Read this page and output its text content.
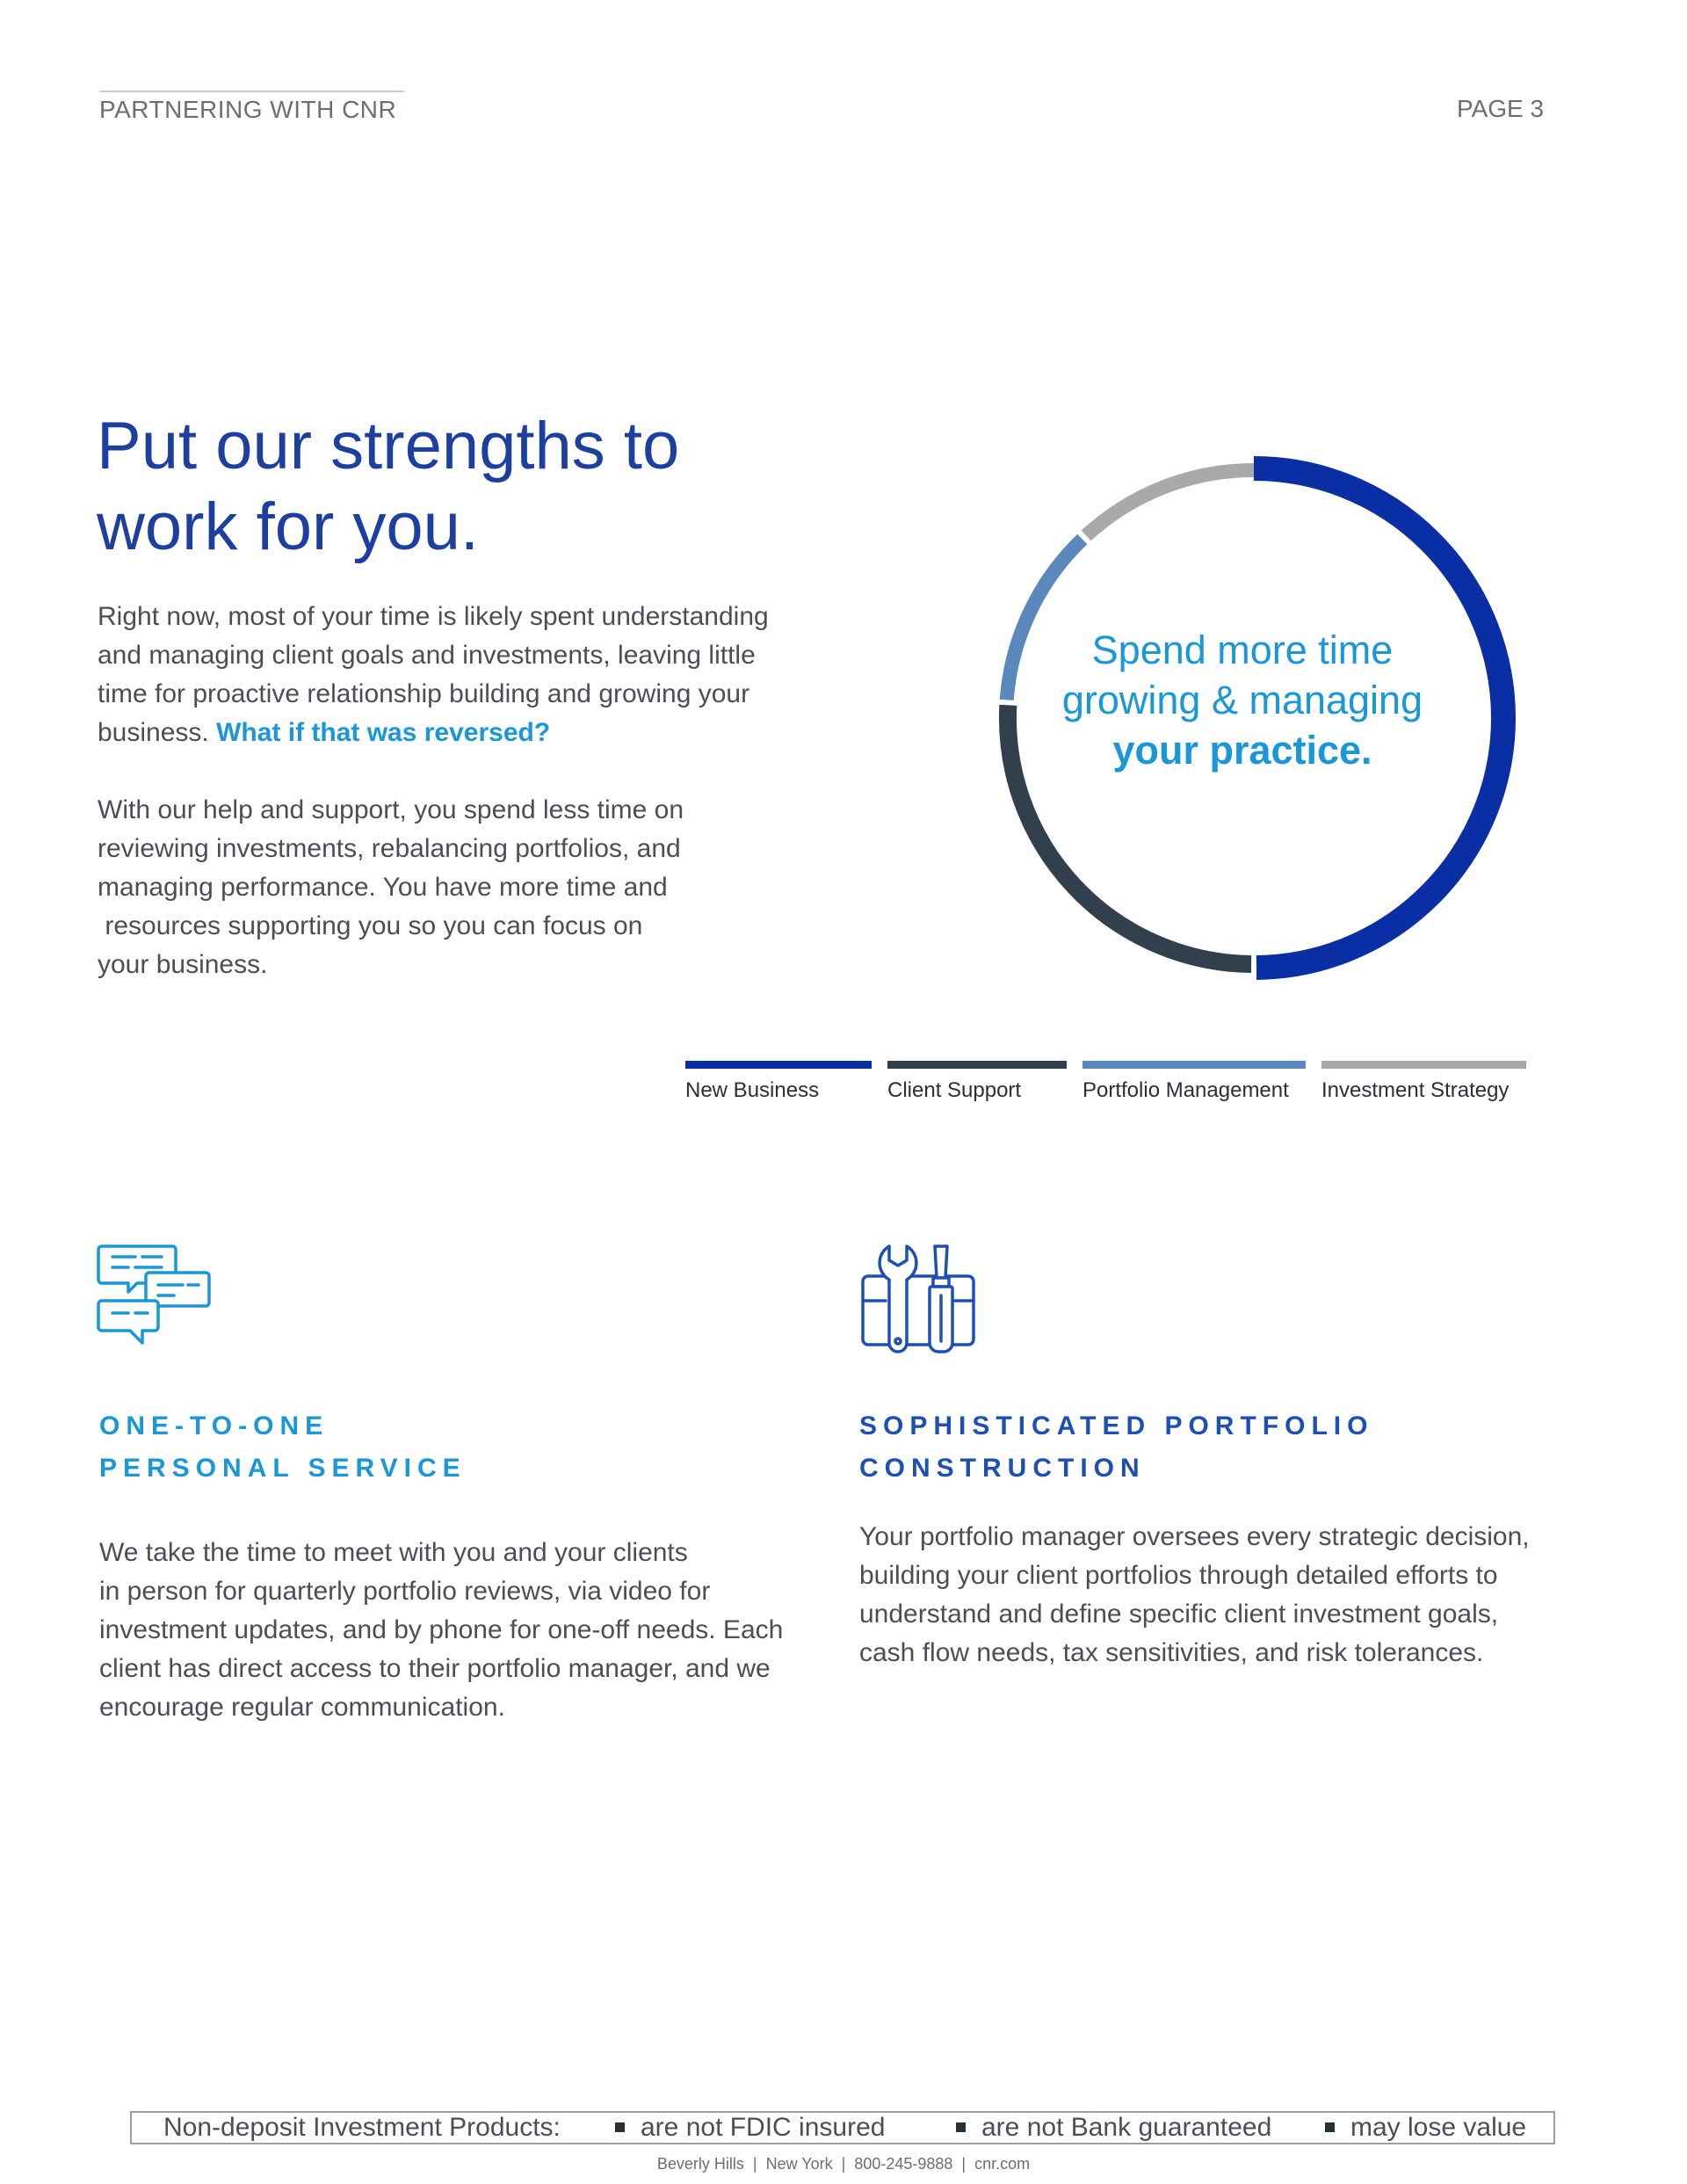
PARTNERING WITH CNR	PAGE 3
Put our strengths to
work for you.

Right now, most of your time is likely spent understanding
and managing client goals and investments, leaving little
time for proactive relationship building and growing your
business. What if that was reversed?

With our help and support, you spend less time on
reviewing investments, rebalancing portfolios, and
managing performance. You have more time and
resources supporting you so you can focus on
your business.

Spend more time
growing & managing
your practice.
New Business	Client Support	Portfolio Management	Investment Strategy
ONE-TO-ONE
PERSONAL SERVICE

We take the time to meet with you and your clients
in person for quarterly portfolio reviews, via video for
investment updates, and by phone for one-off needs. Each
client has direct access to their portfolio manager, and we
encourage regular communication.

SOPHISTICATED PORTFOLIO
CONSTRUCTION

Your portfolio manager oversees every strategic decision,
building your client portfolios through detailed efforts to
understand and define specific client investment goals,
cash flow needs, tax sensitivities, and risk tolerances.

Non-deposit Investment Products:	are not FDIC insured	are not Bank guaranteed	may lose value
Beverly Hills  |  New York  |  800-245-9888  |  cnr.com
